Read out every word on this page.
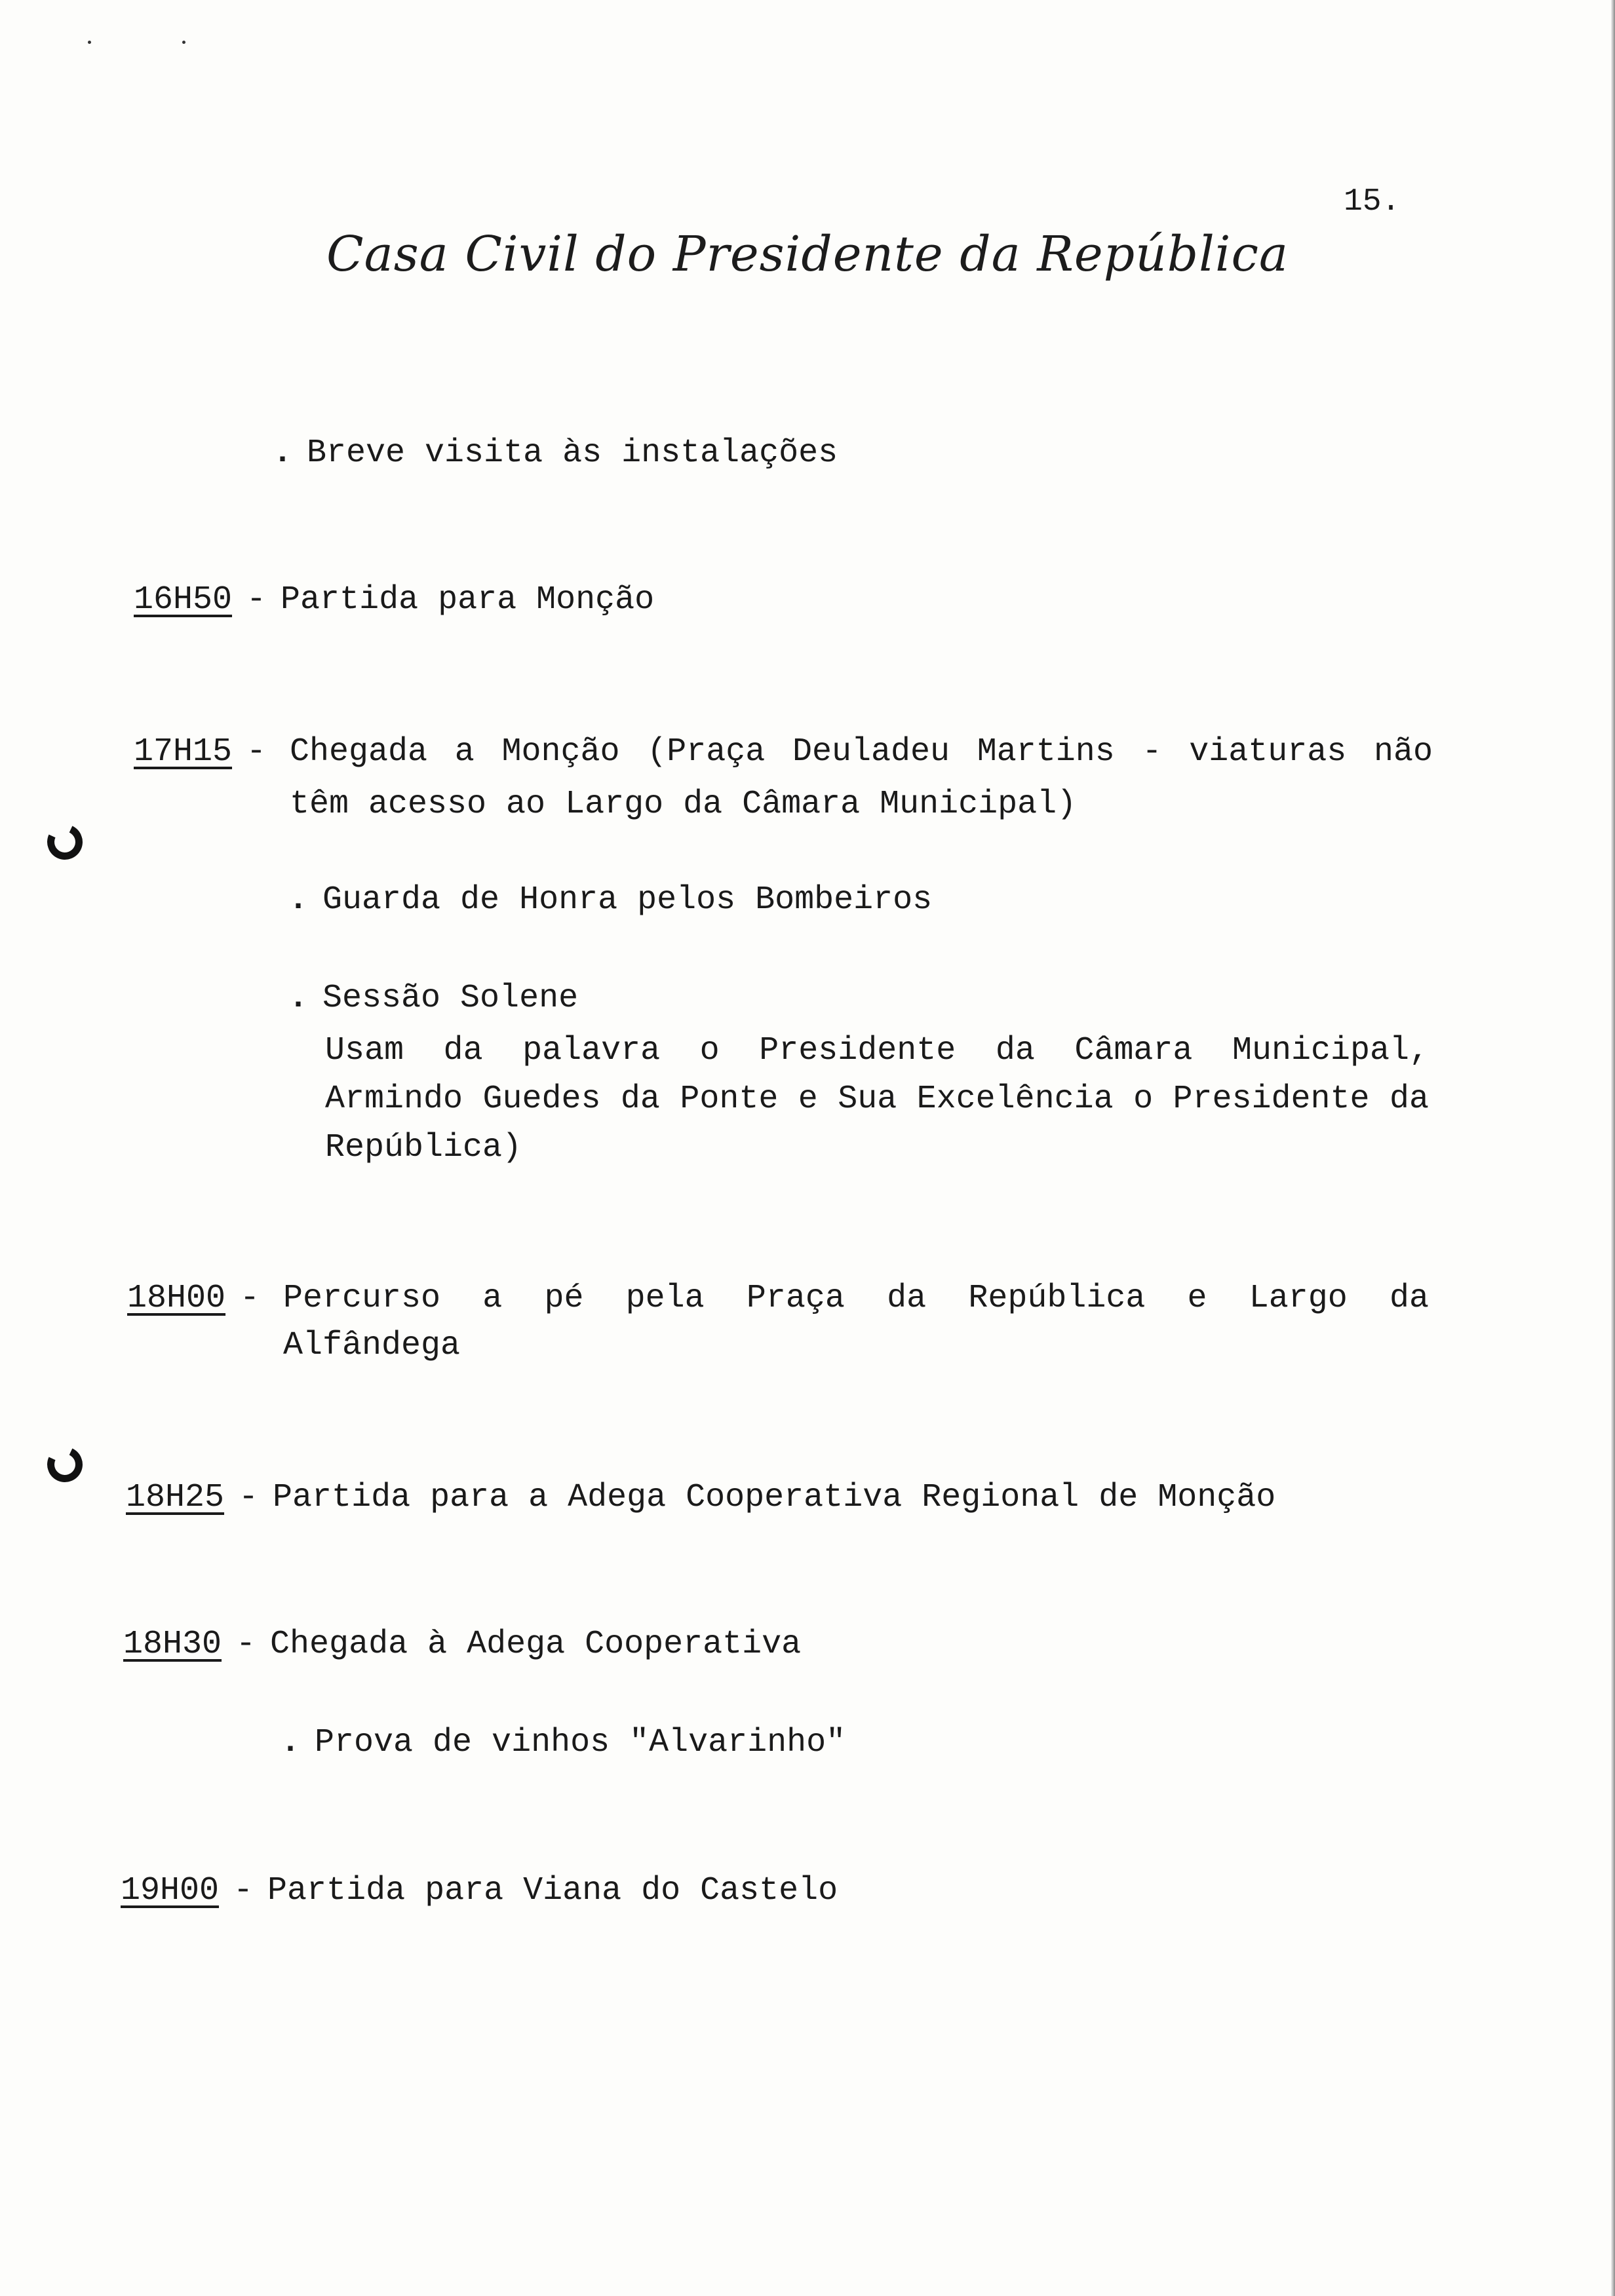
15.
Casa Civil do Presidente da República
. Breve visita às instalações
16H50 - Partida para Monção
17H15 - Chegada a Monção (Praça Deuladeu Martins - viaturas não
têm acesso ao Largo da Câmara Municipal)
. Guarda de Honra pelos Bombeiros
. Sessão Solene
Usam da palavra o Presidente da Câmara Municipal,
Armindo Guedes da Ponte e Sua Excelência o Presidente da
República)
18H00 - Percurso a pé pela Praça da República e Largo da
Alfândega
18H25 - Partida para a Adega Cooperativa Regional de Monção
18H30 - Chegada à Adega Cooperativa
. Prova de vinhos "Alvarinho"
19H00 - Partida para Viana do Castelo
